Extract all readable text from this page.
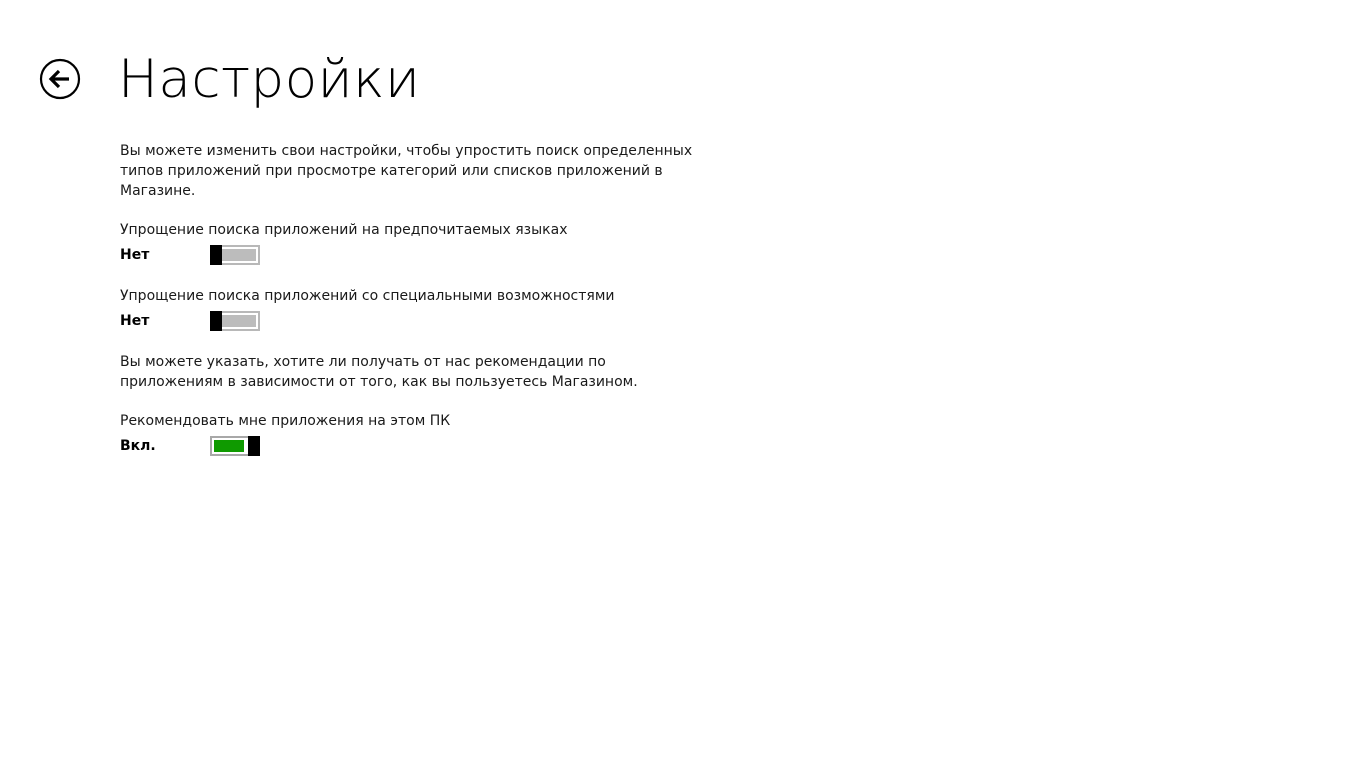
Настройки

Вы можете изменить свои настройки, чтобы упростить поиск определенных типов приложений при просмотре категорий или списков приложений в Магазине.

Упрощение поиска приложений на предпочитаемых языках
Нет
Упрощение поиска приложений со специальными возможностями
Нет

Вы можете указать, хотите ли получать от нас рекомендации по приложениям в зависимости от того, как вы пользуетесь Магазином.

Рекомендовать мне приложения на этом ПК
Вкл.
